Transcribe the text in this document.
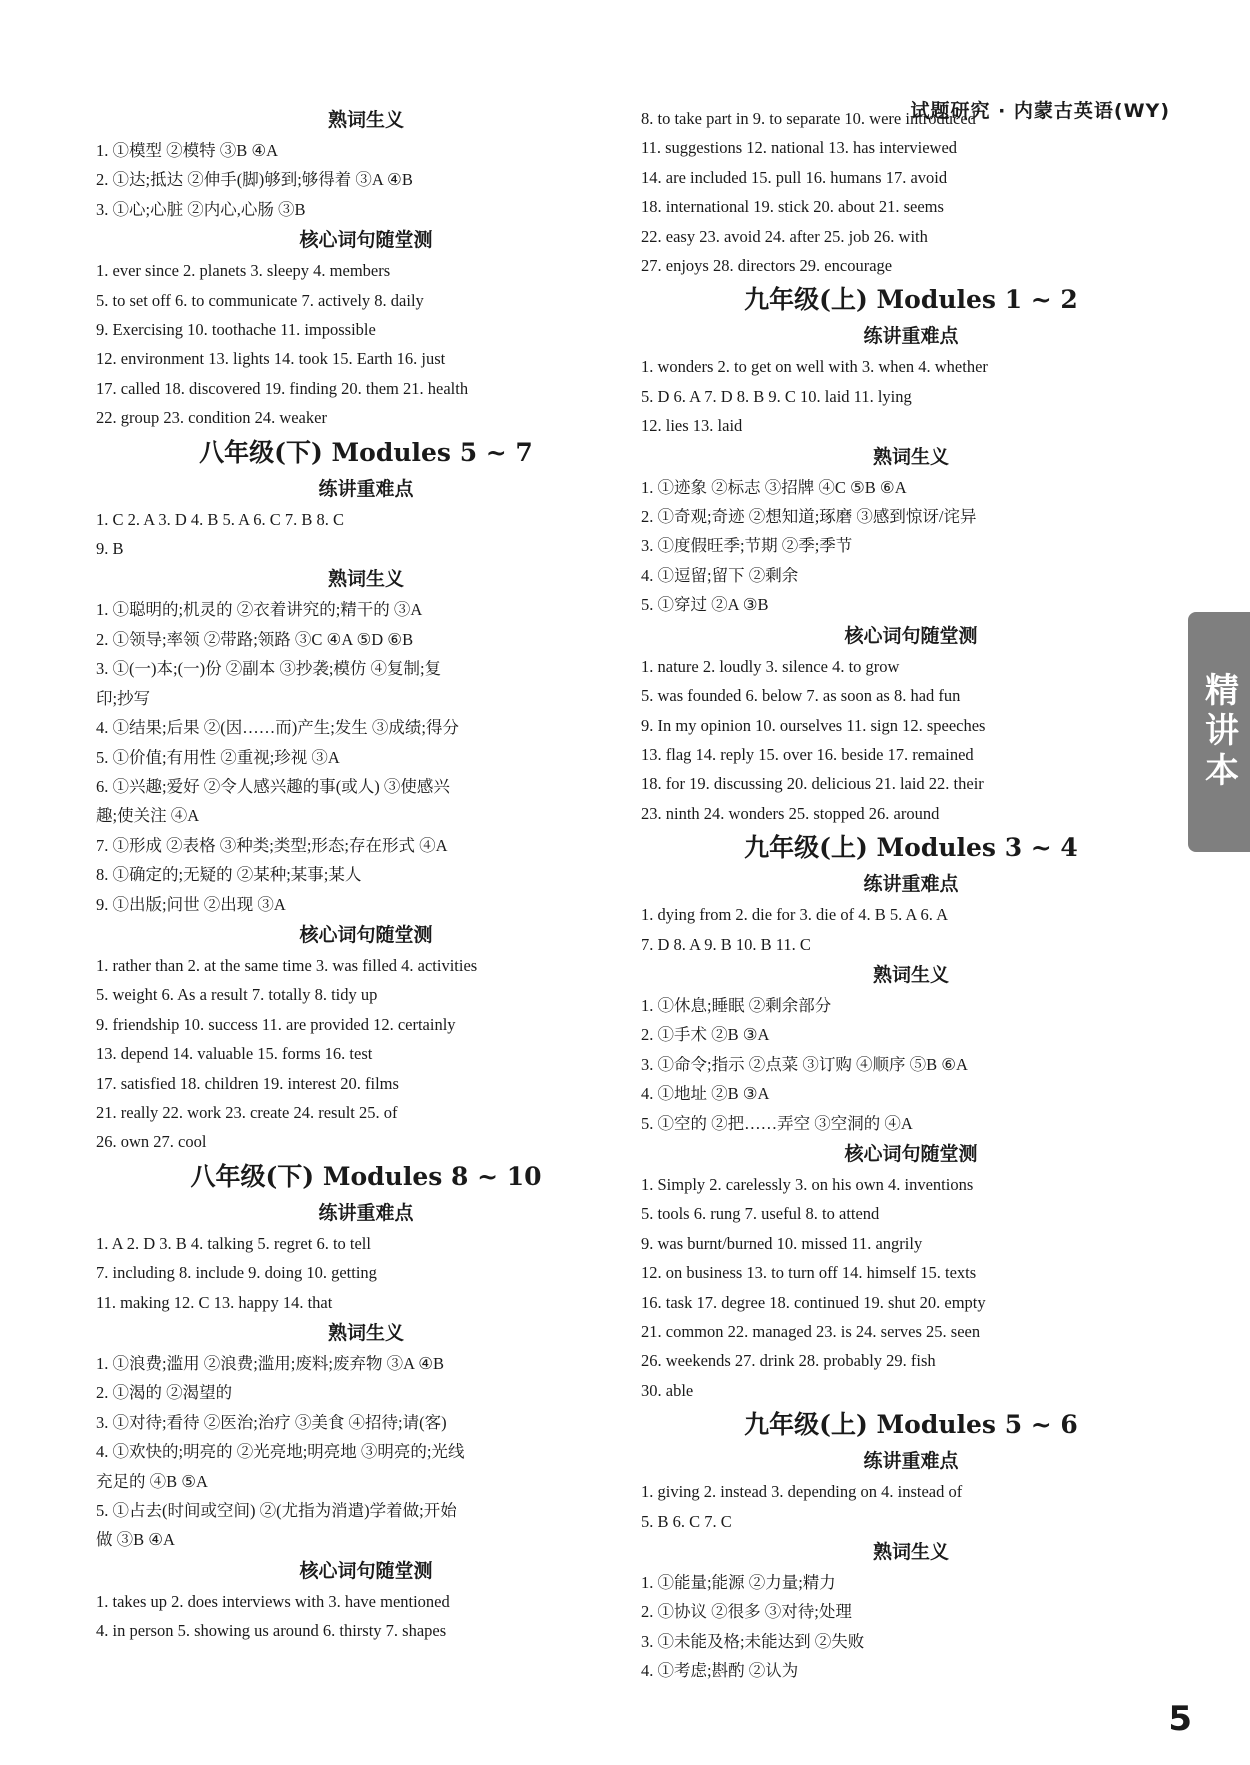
试题研究 · 内蒙古英语(WY)
熟词生义
1. ①模型 ②模特 ③B ④A
2. ①达;抵达 ②伸手(脚)够到;够得着 ③A ④B
3. ①心;心脏 ②内心,心肠 ③B
核心词句随堂测
1. ever since 2. planets 3. sleepy 4. members
5. to set off 6. to communicate 7. actively 8. daily
9. Exercising 10. toothache 11. impossible
12. environment 13. lights 14. took 15. Earth 16. just
17. called 18. discovered 19. finding 20. them 21. health
22. group 23. condition 24. weaker
八年级(下) Modules 5 ~ 7
练讲重难点
1. C 2. A 3. D 4. B 5. A 6. C 7. B 8. C
9. B
熟词生义
1. ①聪明的;机灵的 ②衣着讲究的;精干的 ③A
2. ①领导;率领 ②带路;领路 ③C ④A ⑤D ⑥B
3. ①(一)本;(一)份 ②副本 ③抄袭;模仿 ④复制;复
印;抄写
4. ①结果;后果 ②(因……而)产生;发生 ③成绩;得分
5. ①价值;有用性 ②重视;珍视 ③A
6. ①兴趣;爱好 ②令人感兴趣的事(或人) ③使感兴
趣;使关注 ④A
7. ①形成 ②表格 ③种类;类型;形态;存在形式 ④A
8. ①确定的;无疑的 ②某种;某事;某人
9. ①出版;问世 ②出现 ③A
核心词句随堂测
1. rather than 2. at the same time 3. was filled 4. activities
5. weight 6. As a result 7. totally 8. tidy up
9. friendship 10. success 11. are provided 12. certainly
13. depend 14. valuable 15. forms 16. test
17. satisfied 18. children 19. interest 20. films
21. really 22. work 23. create 24. result 25. of
26. own 27. cool
八年级(下) Modules 8 ~ 10
练讲重难点
1. A 2. D 3. B 4. talking 5. regret 6. to tell
7. including 8. include 9. doing 10. getting
11. making 12. C 13. happy 14. that
熟词生义
1. ①浪费;滥用 ②浪费;滥用;废料;废弃物 ③A ④B
2. ①渴的 ②渴望的
3. ①对待;看待 ②医治;治疗 ③美食 ④招待;请(客)
4. ①欢快的;明亮的 ②光亮地;明亮地 ③明亮的;光线
充足的 ④B ⑤A
5. ①占去(时间或空间) ②(尤指为消遣)学着做;开始
做 ③B ④A
核心词句随堂测
1. takes up 2. does interviews with 3. have mentioned
4. in person 5. showing us around 6. thirsty 7. shapes
8. to take part in 9. to separate 10. were introduced
11. suggestions 12. national 13. has interviewed
14. are included 15. pull 16. humans 17. avoid
18. international 19. stick 20. about 21. seems
22. easy 23. avoid 24. after 25. job 26. with
27. enjoys 28. directors 29. encourage
九年级(上) Modules 1 ~ 2
练讲重难点
1. wonders 2. to get on well with 3. when 4. whether
5. D 6. A 7. D 8. B 9. C 10. laid 11. lying
12. lies 13. laid
熟词生义
1. ①迹象 ②标志 ③招牌 ④C ⑤B ⑥A
2. ①奇观;奇迹 ②想知道;琢磨 ③感到惊讶/诧异
3. ①度假旺季;节期 ②季;季节
4. ①逗留;留下 ②剩余
5. ①穿过 ②A ③B
核心词句随堂测
1. nature 2. loudly 3. silence 4. to grow
5. was founded 6. below 7. as soon as 8. had fun
9. In my opinion 10. ourselves 11. sign 12. speeches
13. flag 14. reply 15. over 16. beside 17. remained
18. for 19. discussing 20. delicious 21. laid 22. their
23. ninth 24. wonders 25. stopped 26. around
九年级(上) Modules 3 ~ 4
练讲重难点
1. dying from 2. die for 3. die of 4. B 5. A 6. A
7. D 8. A 9. B 10. B 11. C
熟词生义
1. ①休息;睡眠 ②剩余部分
2. ①手术 ②B ③A
3. ①命令;指示 ②点菜 ③订购 ④顺序 ⑤B ⑥A
4. ①地址 ②B ③A
5. ①空的 ②把……弄空 ③空洞的 ④A
核心词句随堂测
1. Simply 2. carelessly 3. on his own 4. inventions
5. tools 6. rung 7. useful 8. to attend
9. was burnt/burned 10. missed 11. angrily
12. on business 13. to turn off 14. himself 15. texts
16. task 17. degree 18. continued 19. shut 20. empty
21. common 22. managed 23. is 24. serves 25. seen
26. weekends 27. drink 28. probably 29. fish
30. able
九年级(上) Modules 5 ~ 6
练讲重难点
1. giving 2. instead 3. depending on 4. instead of
5. B 6. C 7. C
熟词生义
1. ①能量;能源 ②力量;精力
2. ①协议 ②很多 ③对待;处理
3. ①未能及格;未能达到 ②失败
4. ①考虑;斟酌 ②认为
精讲本
5
